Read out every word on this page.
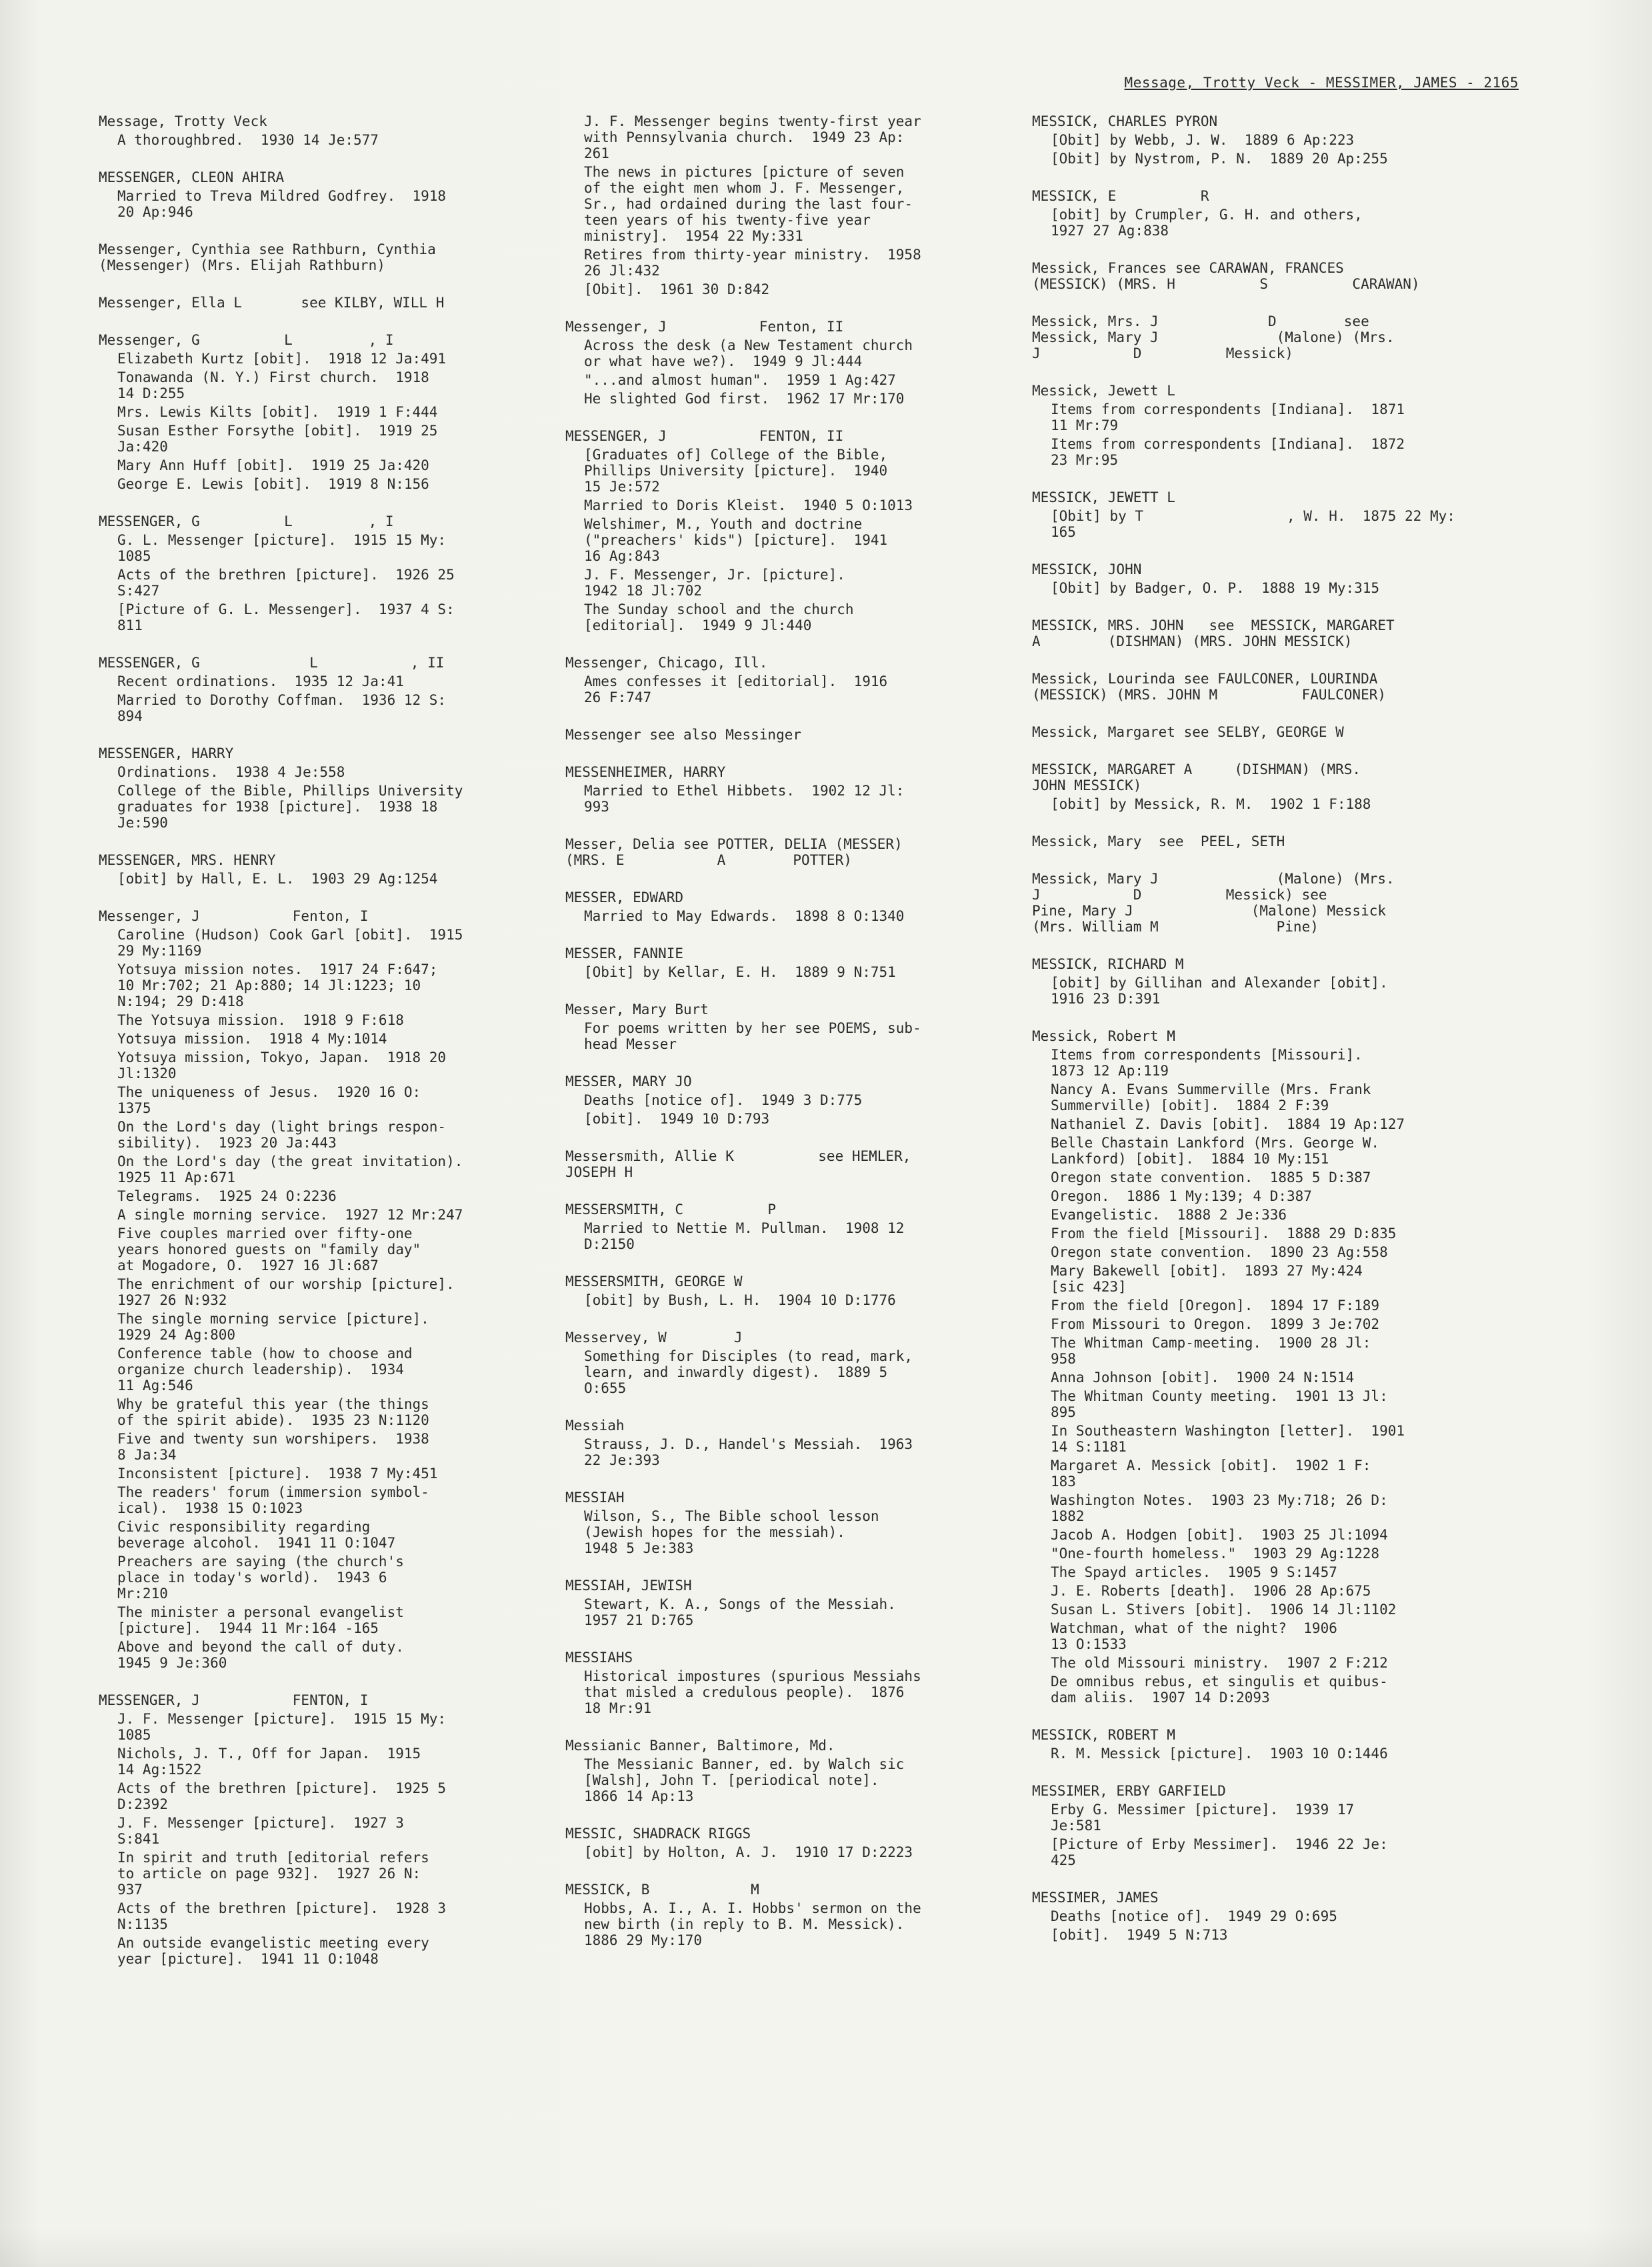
Message, Trotty Veck - MESSIMER, JAMES - 2165
Message, Trotty Veck
A thoroughbred.  1930 14 Je:577
MESSENGER, CLEON AHIRA
Married to Treva Mildred Godfrey.  1918
20 Ap:946
Messenger, Cynthia see Rathburn, Cynthia
(Messenger) (Mrs. Elijah Rathburn)
Messenger, Ella L       see KILBY, WILL H
Messenger, G          L         , I
Elizabeth Kurtz [obit].  1918 12 Ja:491
Tonawanda (N. Y.) First church.  1918
14 D:255
Mrs. Lewis Kilts [obit].  1919 1 F:444
Susan Esther Forsythe [obit].  1919 25
Ja:420
Mary Ann Huff [obit].  1919 25 Ja:420
George E. Lewis [obit].  1919 8 N:156
MESSENGER, G          L         , I
G. L. Messenger [picture].  1915 15 My:
1085
Acts of the brethren [picture].  1926 25
S:427
[Picture of G. L. Messenger].  1937 4 S:
811
MESSENGER, G             L           , II
Recent ordinations.  1935 12 Ja:41
Married to Dorothy Coffman.  1936 12 S:
894
MESSENGER, HARRY
Ordinations.  1938 4 Je:558
College of the Bible, Phillips University
graduates for 1938 [picture].  1938 18
Je:590
MESSENGER, MRS. HENRY
[obit] by Hall, E. L.  1903 29 Ag:1254
Messenger, J           Fenton, I
Caroline (Hudson) Cook Garl [obit].  1915
29 My:1169
Yotsuya mission notes.  1917 24 F:647;
10 Mr:702; 21 Ap:880; 14 Jl:1223; 10
N:194; 29 D:418
The Yotsuya mission.  1918 9 F:618
Yotsuya mission.  1918 4 My:1014
Yotsuya mission, Tokyo, Japan.  1918 20
Jl:1320
The uniqueness of Jesus.  1920 16 O:
1375
On the Lord's day (light brings respon-
sibility).  1923 20 Ja:443
On the Lord's day (the great invitation).
1925 11 Ap:671
Telegrams.  1925 24 O:2236
A single morning service.  1927 12 Mr:247
Five couples married over fifty-one
years honored guests on "family day"
at Mogadore, O.  1927 16 Jl:687
The enrichment of our worship [picture].
1927 26 N:932
The single morning service [picture].
1929 24 Ag:800
Conference table (how to choose and
organize church leadership).  1934
11 Ag:546
Why be grateful this year (the things
of the spirit abide).  1935 23 N:1120
Five and twenty sun worshipers.  1938
8 Ja:34
Inconsistent [picture].  1938 7 My:451
The readers' forum (immersion symbol-
ical).  1938 15 O:1023
Civic responsibility regarding
beverage alcohol.  1941 11 O:1047
Preachers are saying (the church's
place in today's world).  1943 6
Mr:210
The minister a personal evangelist
[picture].  1944 11 Mr:164 -165
Above and beyond the call of duty.
1945 9 Je:360
MESSENGER, J           FENTON, I
J. F. Messenger [picture].  1915 15 My:
1085
Nichols, J. T., Off for Japan.  1915
14 Ag:1522
Acts of the brethren [picture].  1925 5
D:2392
J. F. Messenger [picture].  1927 3
S:841
In spirit and truth [editorial refers
to article on page 932].  1927 26 N:
937
Acts of the brethren [picture].  1928 3
N:1135
An outside evangelistic meeting every
year [picture].  1941 11 O:1048
J. F. Messenger begins twenty-first year
with Pennsylvania church.  1949 23 Ap:
261
The news in pictures [picture of seven
of the eight men whom J. F. Messenger,
Sr., had ordained during the last four-
teen years of his twenty-five year
ministry].  1954 22 My:331
Retires from thirty-year ministry.  1958
26 Jl:432
[Obit].  1961 30 D:842
Messenger, J           Fenton, II
Across the desk (a New Testament church
or what have we?).  1949 9 Jl:444
"...and almost human".  1959 1 Ag:427
He slighted God first.  1962 17 Mr:170
MESSENGER, J           FENTON, II
[Graduates of] College of the Bible,
Phillips University [picture].  1940
15 Je:572
Married to Doris Kleist.  1940 5 O:1013
Welshimer, M., Youth and doctrine
("preachers' kids") [picture].  1941
16 Ag:843
J. F. Messenger, Jr. [picture].
1942 18 Jl:702
The Sunday school and the church
[editorial].  1949 9 Jl:440
Messenger, Chicago, Ill.
Ames confesses it [editorial].  1916
26 F:747
Messenger see also Messinger
MESSENHEIMER, HARRY
Married to Ethel Hibbets.  1902 12 Jl:
993
Messer, Delia see POTTER, DELIA (MESSER)
(MRS. E           A        POTTER)
MESSER, EDWARD
Married to May Edwards.  1898 8 O:1340
MESSER, FANNIE
[Obit] by Kellar, E. H.  1889 9 N:751
Messer, Mary Burt
For poems written by her see POEMS, sub-
head Messer
MESSER, MARY JO
Deaths [notice of].  1949 3 D:775
[obit].  1949 10 D:793
Messersmith, Allie K          see HEMLER,
JOSEPH H
MESSERSMITH, C          P
Married to Nettie M. Pullman.  1908 12
D:2150
MESSERSMITH, GEORGE W
[obit] by Bush, L. H.  1904 10 D:1776
Messervey, W        J
Something for Disciples (to read, mark,
learn, and inwardly digest).  1889 5
O:655
Messiah
Strauss, J. D., Handel's Messiah.  1963
22 Je:393
MESSIAH
Wilson, S., The Bible school lesson
(Jewish hopes for the messiah).
1948 5 Je:383
MESSIAH, JEWISH
Stewart, K. A., Songs of the Messiah.
1957 21 D:765
MESSIAHS
Historical impostures (spurious Messiahs
that misled a credulous people).  1876
18 Mr:91
Messianic Banner, Baltimore, Md.
The Messianic Banner, ed. by Walch sic
[Walsh], John T. [periodical note].
1866 14 Ap:13
MESSIC, SHADRACK RIGGS
[obit] by Holton, A. J.  1910 17 D:2223
MESSICK, B            M
Hobbs, A. I., A. I. Hobbs' sermon on the
new birth (in reply to B. M. Messick).
1886 29 My:170
MESSICK, CHARLES PYRON
[Obit] by Webb, J. W.  1889 6 Ap:223
[Obit] by Nystrom, P. N.  1889 20 Ap:255
MESSICK, E          R
[obit] by Crumpler, G. H. and others,
1927 27 Ag:838
Messick, Frances see CARAWAN, FRANCES
(MESSICK) (MRS. H          S          CARAWAN)
Messick, Mrs. J             D        see
Messick, Mary J              (Malone) (Mrs.
J           D          Messick)
Messick, Jewett L
Items from correspondents [Indiana].  1871
11 Mr:79
Items from correspondents [Indiana].  1872
23 Mr:95
MESSICK, JEWETT L
[Obit] by T                 , W. H.  1875 22 My:
165
MESSICK, JOHN
[Obit] by Badger, O. P.  1888 19 My:315
MESSICK, MRS. JOHN   see  MESSICK, MARGARET
A        (DISHMAN) (MRS. JOHN MESSICK)
Messick, Lourinda see FAULCONER, LOURINDA
(MESSICK) (MRS. JOHN M          FAULCONER)
Messick, Margaret see SELBY, GEORGE W
MESSICK, MARGARET A     (DISHMAN) (MRS.
JOHN MESSICK)
[obit] by Messick, R. M.  1902 1 F:188
Messick, Mary  see  PEEL, SETH
Messick, Mary J              (Malone) (Mrs.
J           D          Messick) see
Pine, Mary J              (Malone) Messick
(Mrs. William M              Pine)
MESSICK, RICHARD M
[obit] by Gillihan and Alexander [obit].
1916 23 D:391
Messick, Robert M
Items from correspondents [Missouri].
1873 12 Ap:119
Nancy A. Evans Summerville (Mrs. Frank
Summerville) [obit].  1884 2 F:39
Nathaniel Z. Davis [obit].  1884 19 Ap:127
Belle Chastain Lankford (Mrs. George W.
Lankford) [obit].  1884 10 My:151
Oregon state convention.  1885 5 D:387
Oregon.  1886 1 My:139; 4 D:387
Evangelistic.  1888 2 Je:336
From the field [Missouri].  1888 29 D:835
Oregon state convention.  1890 23 Ag:558
Mary Bakewell [obit].  1893 27 My:424
[sic 423]
From the field [Oregon].  1894 17 F:189
From Missouri to Oregon.  1899 3 Je:702
The Whitman Camp-meeting.  1900 28 Jl:
958
Anna Johnson [obit].  1900 24 N:1514
The Whitman County meeting.  1901 13 Jl:
895
In Southeastern Washington [letter].  1901
14 S:1181
Margaret A. Messick [obit].  1902 1 F:
183
Washington Notes.  1903 23 My:718; 26 D:
1882
Jacob A. Hodgen [obit].  1903 25 Jl:1094
"One-fourth homeless."  1903 29 Ag:1228
The Spayd articles.  1905 9 S:1457
J. E. Roberts [death].  1906 28 Ap:675
Susan L. Stivers [obit].  1906 14 Jl:1102
Watchman, what of the night?  1906
13 O:1533
The old Missouri ministry.  1907 2 F:212
De omnibus rebus, et singulis et quibus-
dam aliis.  1907 14 D:2093
MESSICK, ROBERT M
R. M. Messick [picture].  1903 10 O:1446
MESSIMER, ERBY GARFIELD
Erby G. Messimer [picture].  1939 17
Je:581
[Picture of Erby Messimer].  1946 22 Je:
425
MESSIMER, JAMES
Deaths [notice of].  1949 29 O:695
[obit].  1949 5 N:713
